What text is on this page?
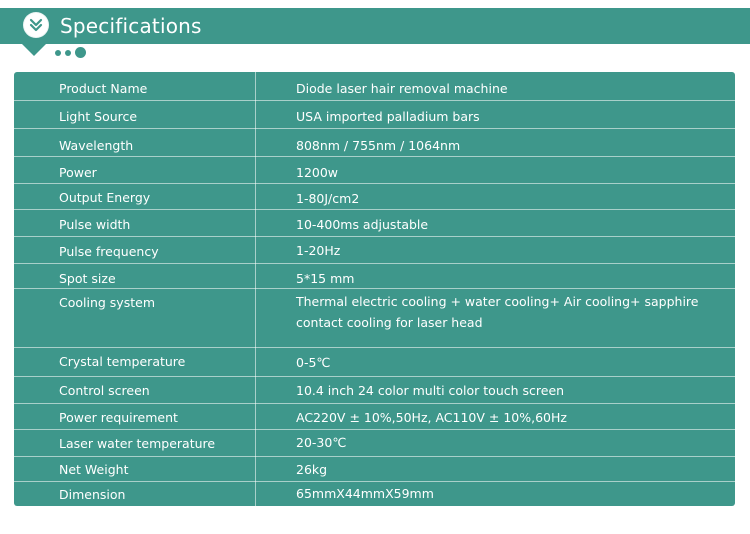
Specifications
Product Name	Diode laser hair removal machine
Light Source	USA imported palladium bars
Wavelength	808nm / 755nm / 1064nm
Power	1200w
Output Energy	1-80J/cm2
Pulse width	10-400ms adjustable
Pulse frequency	1-20Hz
Spot size	5*15 mm
Cooling system	Thermal electric cooling + water cooling+ Air cooling+ sapphire contact cooling for laser head
Crystal temperature	0-5℃
Control screen	10.4 inch 24 color multi color touch screen
Power requirement	AC220V ± 10%,50Hz, AC110V ± 10%,60Hz
Laser water temperature	20-30℃
Net Weight	26kg
Dimension	65mmX44mmX59mm
